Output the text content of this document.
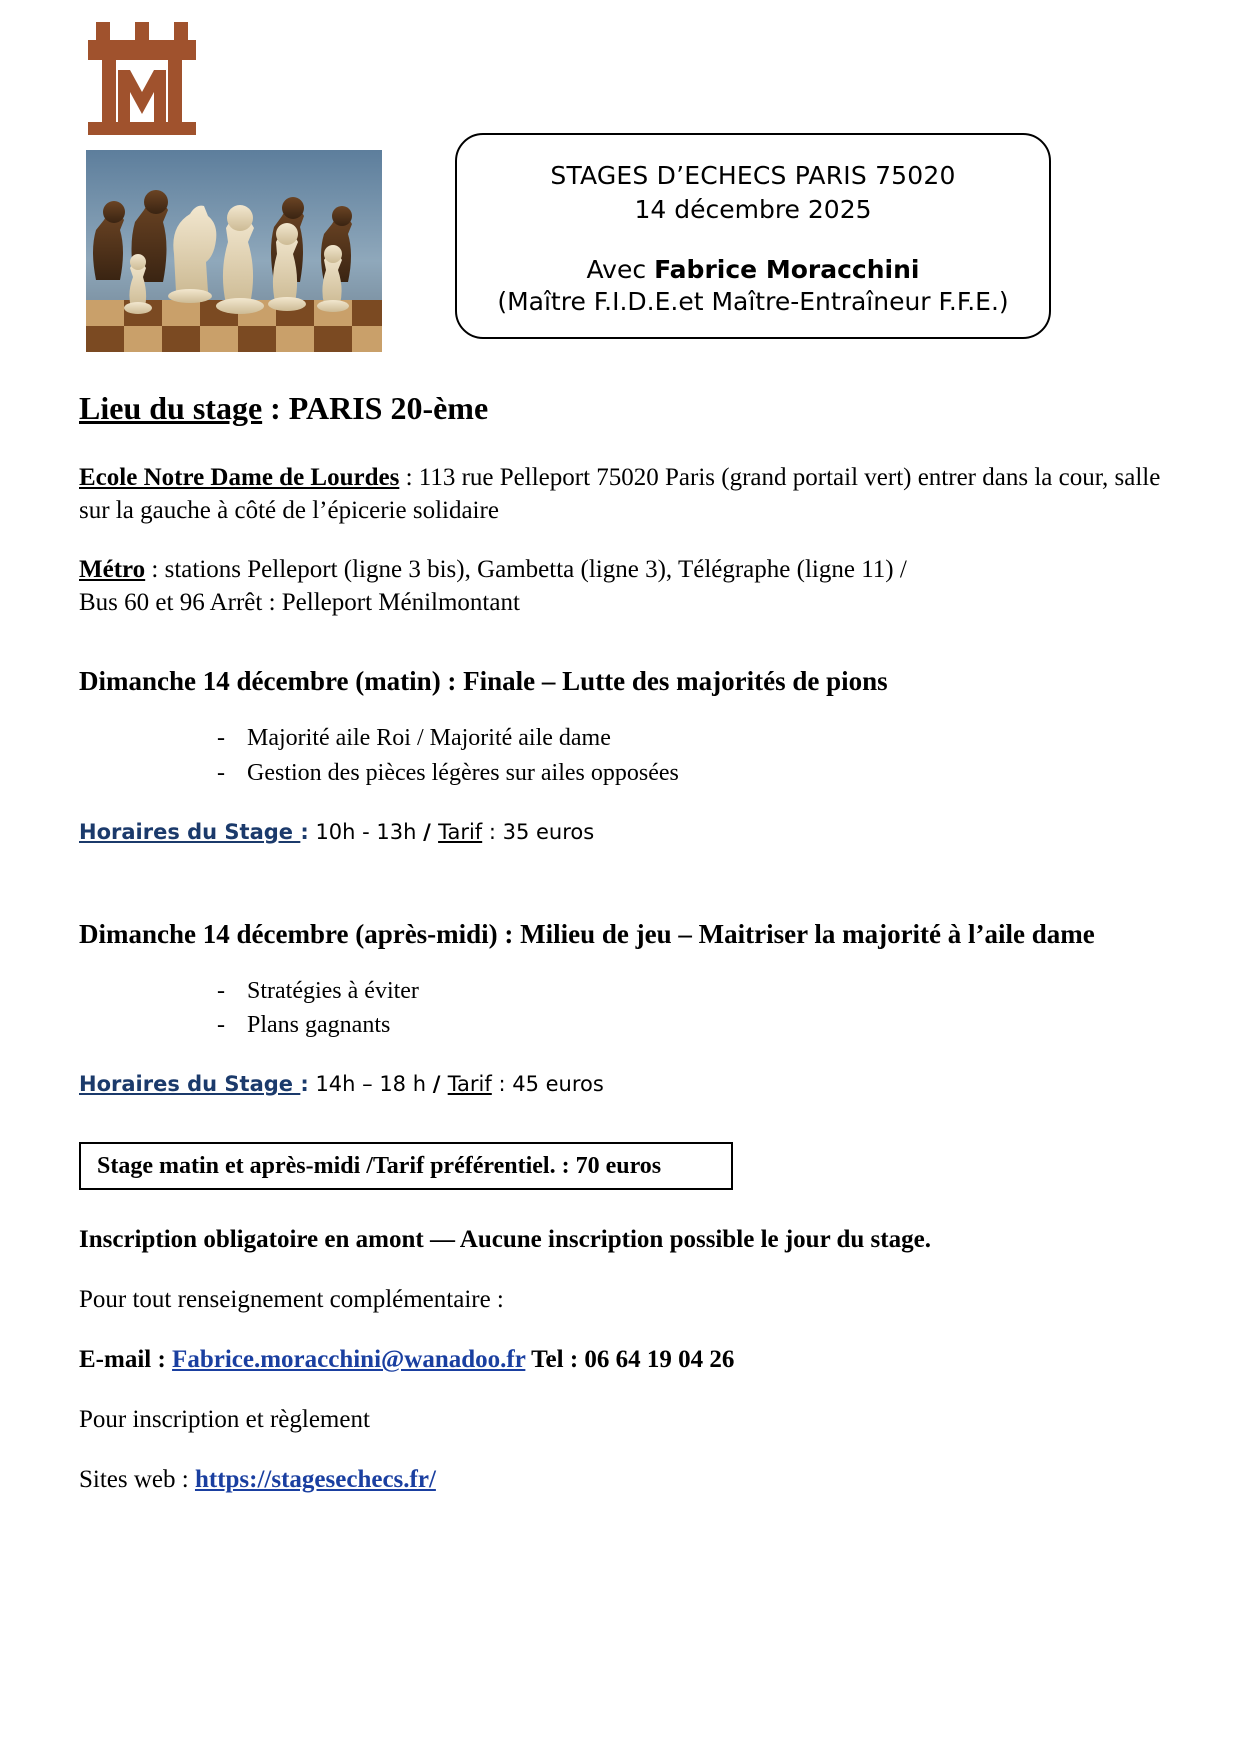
STAGES D’ECHECS PARIS 75020
14 décembre 2025
Avec Fabrice Moracchini
(Maître F.I.D.E.et Maître-Entraîneur F.F.E.)
Lieu du stage : PARIS 20-ème

Ecole Notre Dame de Lourdes : 113 rue Pelleport 75020 Paris (grand portail vert) entrer dans la cour, salle sur la gauche à côté de l’épicerie solidaire

Métro : stations Pelleport (ligne 3 bis), Gambetta (ligne 3), Télégraphe (ligne 11) /
Bus 60 et 96 Arrêt : Pelleport Ménilmontant

Dimanche 14 décembre (matin) : Finale – Lutte des majorités de pions
- Majorité aile Roi / Majorité aile dame
- Gestion des pièces légères sur ailes opposées

Horaires du Stage : 10h - 13h / Tarif : 35 euros

Dimanche 14 décembre (après-midi) : Milieu de jeu – Maitriser la majorité à l’aile dame
- Stratégies à éviter
- Plans gagnants

Horaires du Stage : 14h – 18 h / Tarif : 45 euros

Stage matin et après-midi /Tarif préférentiel. : 70 euros

Inscription obligatoire en amont — Aucune inscription possible le jour du stage.

Pour tout renseignement complémentaire :

E-mail : Fabrice.moracchini@wanadoo.fr Tel : 06 64 19 04 26

Pour inscription et règlement

Sites web : https://stagesechecs.fr/
